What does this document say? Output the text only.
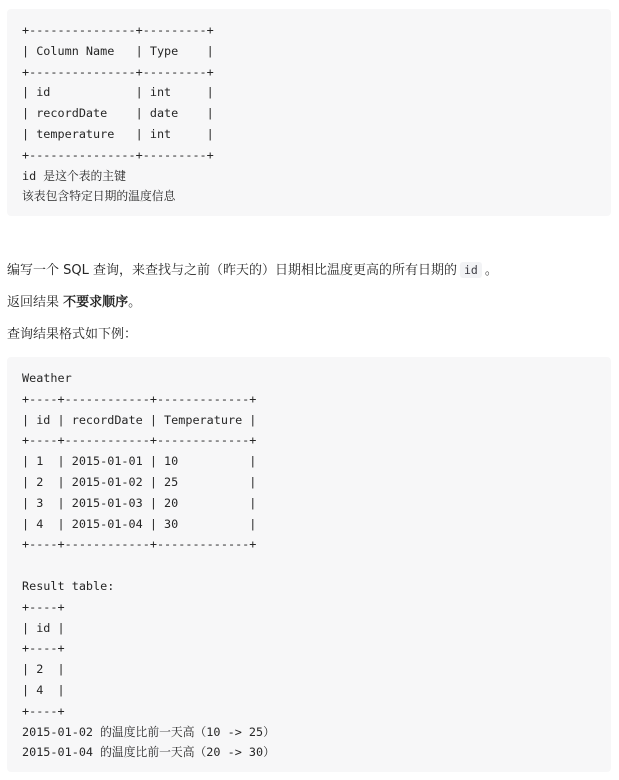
+---------------+---------+
| Column Name   | Type    |
+---------------+---------+
| id            | int     |
| recordDate    | date    |
| temperature   | int     |
+---------------+---------+
id 是这个表的主键
该表包含特定日期的温度信息
编写一个 SQL 查询，来查找与之前（昨天的）日期相比温度更高的所有日期的 id 。
返回结果 不要求顺序。
查询结果格式如下例：
Weather
+----+------------+-------------+
| id | recordDate | Temperature |
+----+------------+-------------+
| 1  | 2015-01-01 | 10          |
| 2  | 2015-01-02 | 25          |
| 3  | 2015-01-03 | 20          |
| 4  | 2015-01-04 | 30          |
+----+------------+-------------+
Result table:
+----+
| id |
+----+
| 2  |
| 4  |
+----+
2015-01-02 的温度比前一天高（10 -> 25）
2015-01-04 的温度比前一天高（20 -> 30）
